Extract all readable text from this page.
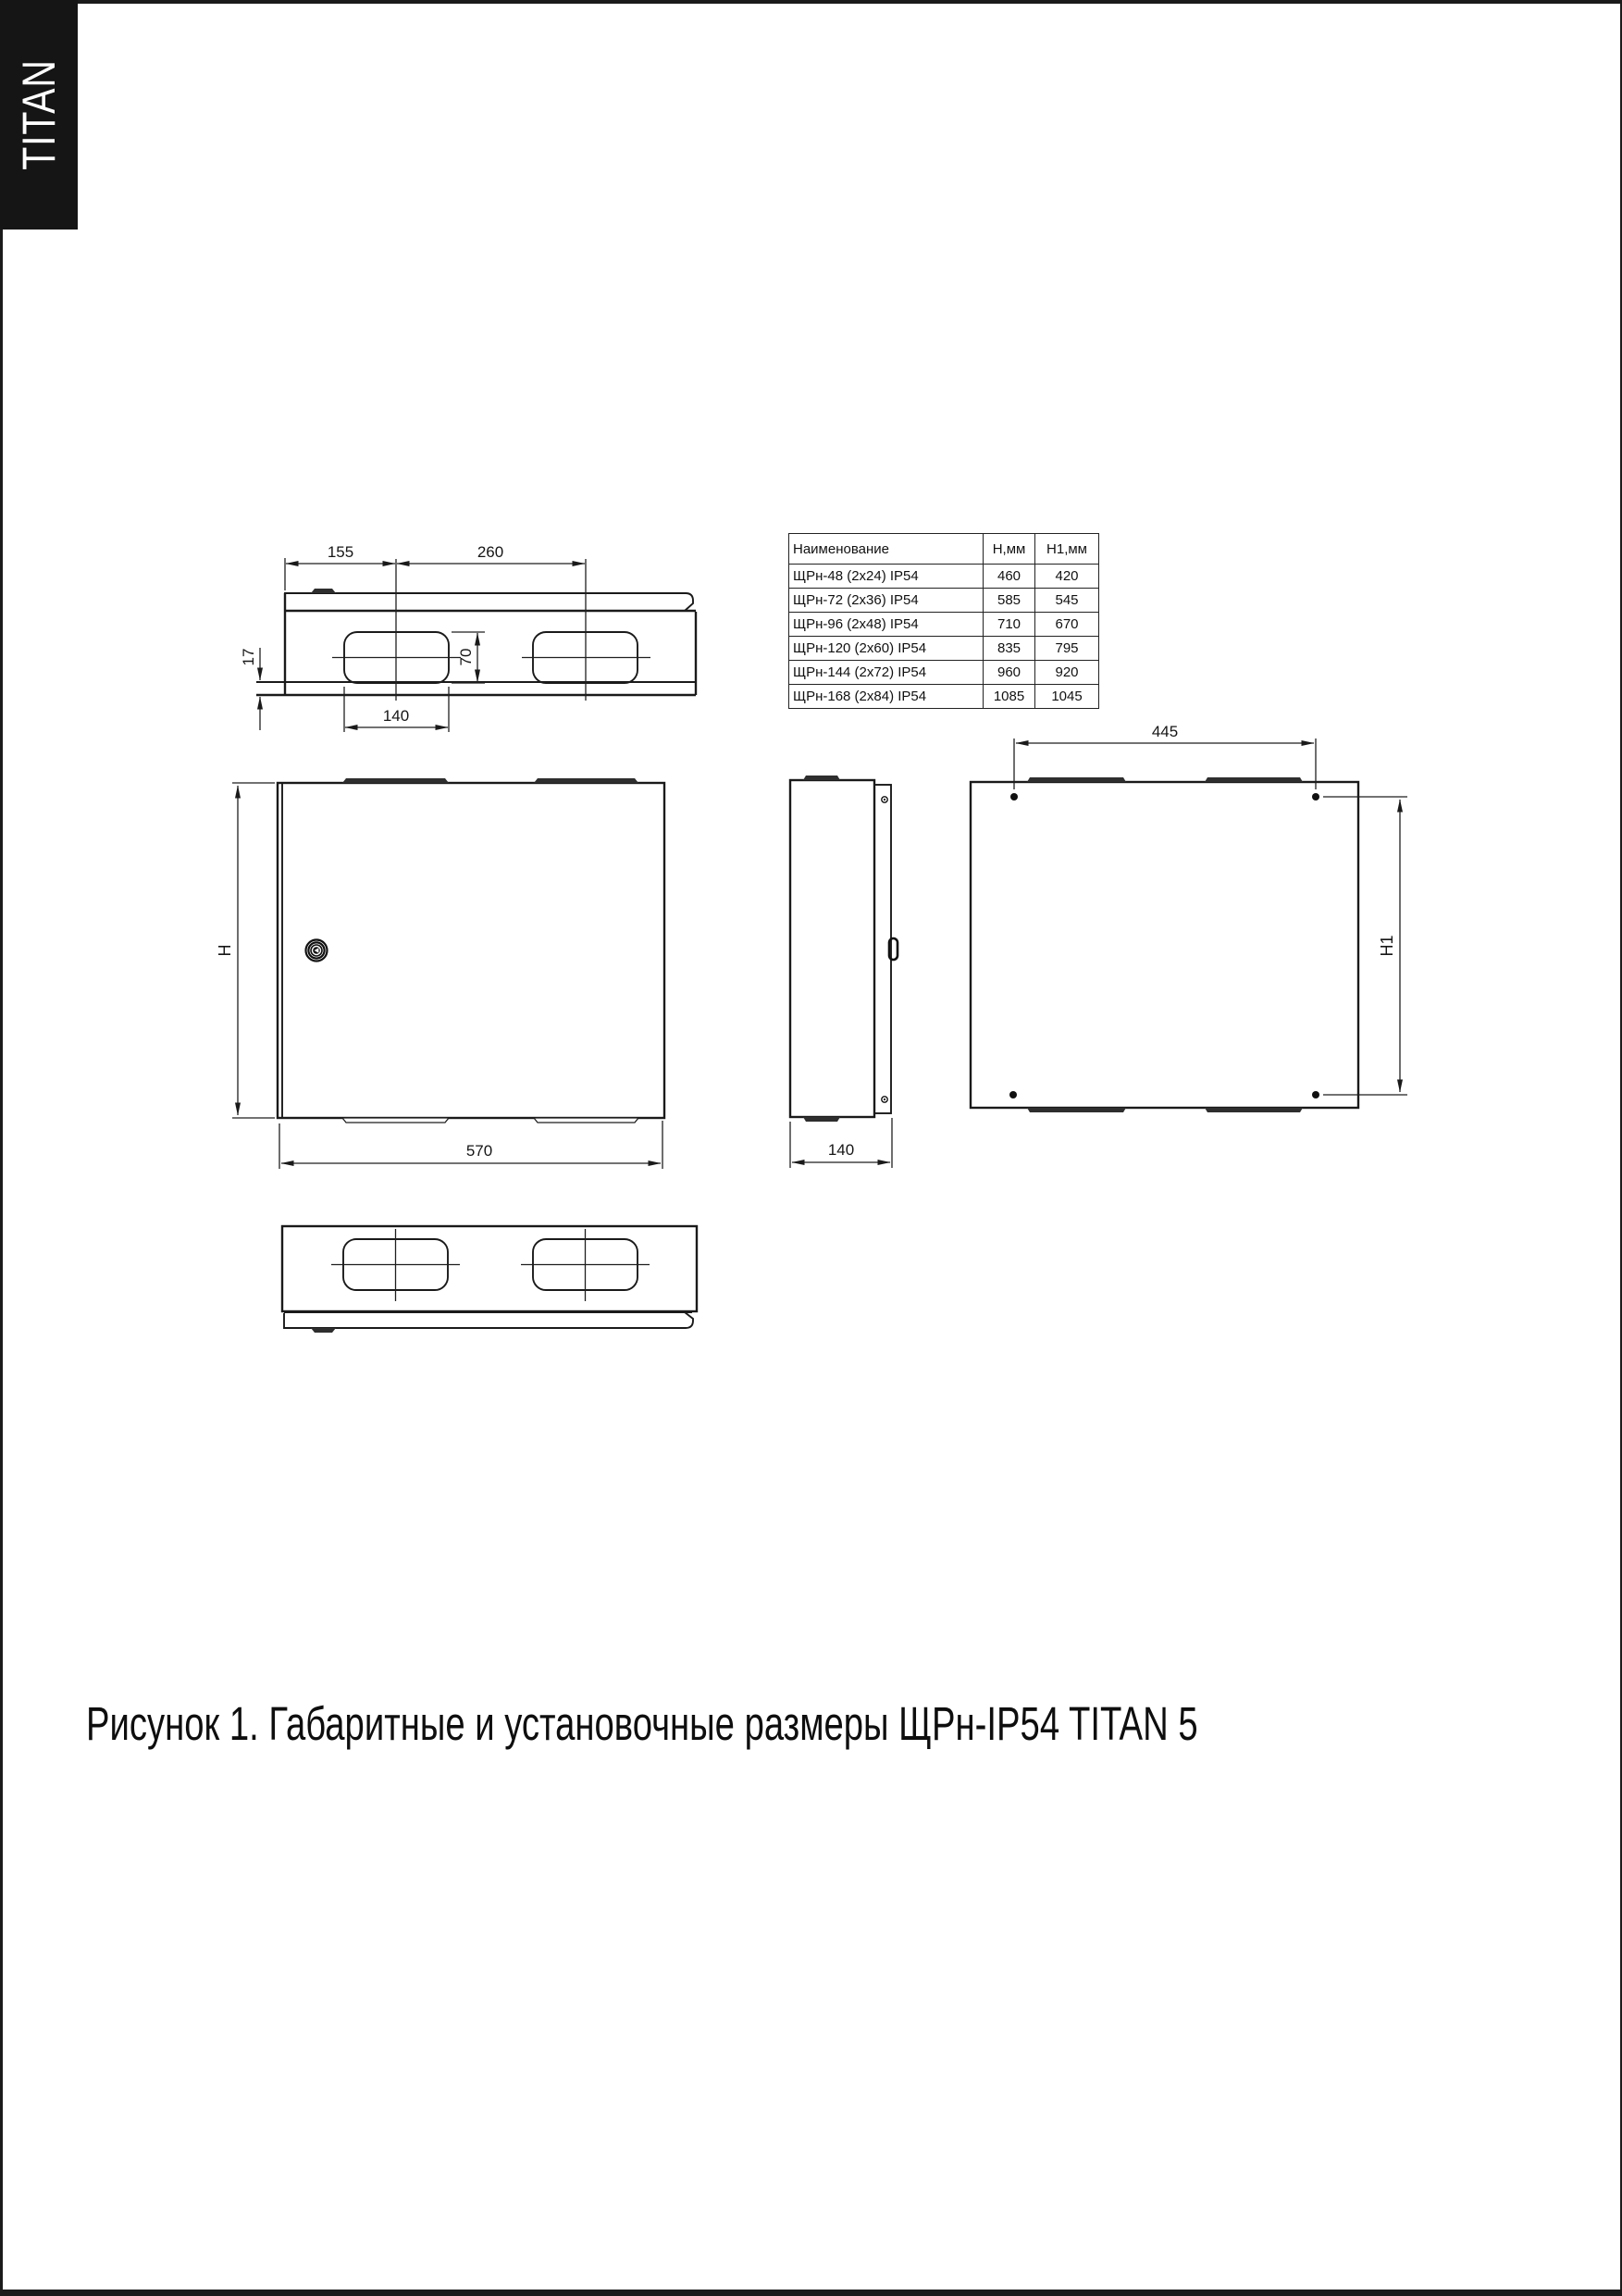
155	260
17	70
140
H
570	140
445
H1
TITAN
Наименование	Н,мм	Н1,мм
ЩРн-48 (2х24) IP54	460	420
ЩРн-72 (2х36) IP54	585	545
ЩРн-96 (2х48) IP54	710	670
ЩРн-120 (2х60) IP54	835	795
ЩРн-144 (2х72) IP54	960	920
ЩРн-168 (2х84) IP54	1085	1045
Рисунок 1. Габаритные и установочные размеры ЩРн-IP54 TITAN 5
